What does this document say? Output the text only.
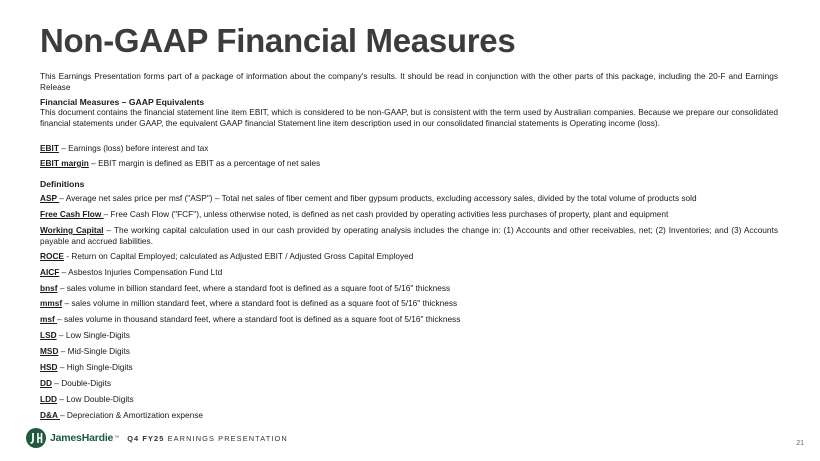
Non-GAAP Financial Measures
This Earnings Presentation forms part of a package of information about the company's results. It should be read in conjunction with the other parts of this package, including the 20-F and Earnings Release
Financial Measures – GAAP Equivalents
This document contains the financial statement line item EBIT, which is considered to be non-GAAP, but is consistent with the term used by Australian companies. Because we prepare our consolidated financial statements under GAAP, the equivalent GAAP financial Statement line item description used in our consolidated financial statements is Operating income (loss).
EBIT – Earnings (loss) before interest and tax
EBIT margin – EBIT margin is defined as EBIT as a percentage of net sales
Definitions
ASP – Average net sales price per msf ("ASP") – Total net sales of fiber cement and fiber gypsum products, excluding accessory sales, divided by the total volume of products sold
Free Cash Flow – Free Cash Flow ("FCF"), unless otherwise noted, is defined as net cash provided by operating activities less purchases of property, plant and equipment
Working Capital – The working capital calculation used in our cash provided by operating analysis includes the change in: (1) Accounts and other receivables, net; (2) Inventories; and (3) Accounts payable and accrued liabilities.
ROCE - Return on Capital Employed; calculated as Adjusted EBIT / Adjusted Gross Capital Employed
AICF – Asbestos Injuries Compensation Fund Ltd
bnsf – sales volume in billion standard feet, where a standard foot is defined as a square foot of 5/16" thickness
mmsf – sales volume in million standard feet, where a standard foot is defined as a square foot of 5/16" thickness
msf – sales volume in thousand standard feet, where a standard foot is defined as a square foot of 5/16" thickness
LSD – Low Single-Digits
MSD – Mid-Single Digits
HSD – High Single-Digits
DD – Double-Digits
LDD – Low Double-Digits
D&A – Depreciation & Amortization expense
JamesHardie ™ Q4 FY25 EARNINGS PRESENTATION
21
